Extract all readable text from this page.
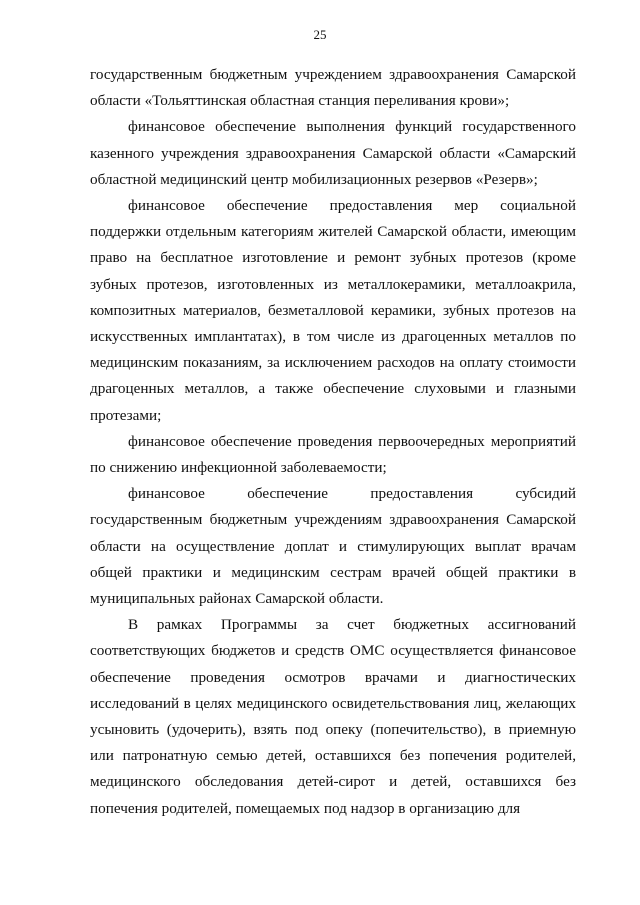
25

государственным бюджетным учреждением здравоохранения Самарской области «Тольяттинская областная станция переливания крови»;

финансовое обеспечение выполнения функций государственного казенного учреждения здравоохранения Самарской области «Самарский областной медицинский центр мобилизационных резервов «Резерв»;

финансовое обеспечение предоставления мер социальной поддержки отдельным категориям жителей Самарской области, имеющим право на бесплатное изготовление и ремонт зубных протезов (кроме зубных протезов, изготовленных из металлокерамики, металлоакрила, композитных материалов, безметалловой керамики, зубных протезов на искусственных имплантатах), в том числе из драгоценных металлов по медицинским показаниям, за исключением расходов на оплату стоимости драгоценных металлов, а также обеспечение слуховыми и глазными протезами;

финансовое обеспечение проведения первоочередных мероприятий по снижению инфекционной заболеваемости;

финансовое обеспечение предоставления субсидий государственным бюджетным учреждениям здравоохранения Самарской области на осуществление доплат и стимулирующих выплат врачам общей практики и медицинским сестрам врачей общей практики в муниципальных районах Самарской области.

В рамках Программы за счет бюджетных ассигнований соответствующих бюджетов и средств ОМС осуществляется финансовое обеспечение проведения осмотров врачами и диагностических исследований в целях медицинского освидетельствования лиц, желающих усыновить (удочерить), взять под опеку (попечительство), в приемную или патронатную семью детей, оставшихся без попечения родителей, медицинского обследования детей-сирот и детей, оставшихся без попечения родителей, помещаемых под надзор в организацию для
